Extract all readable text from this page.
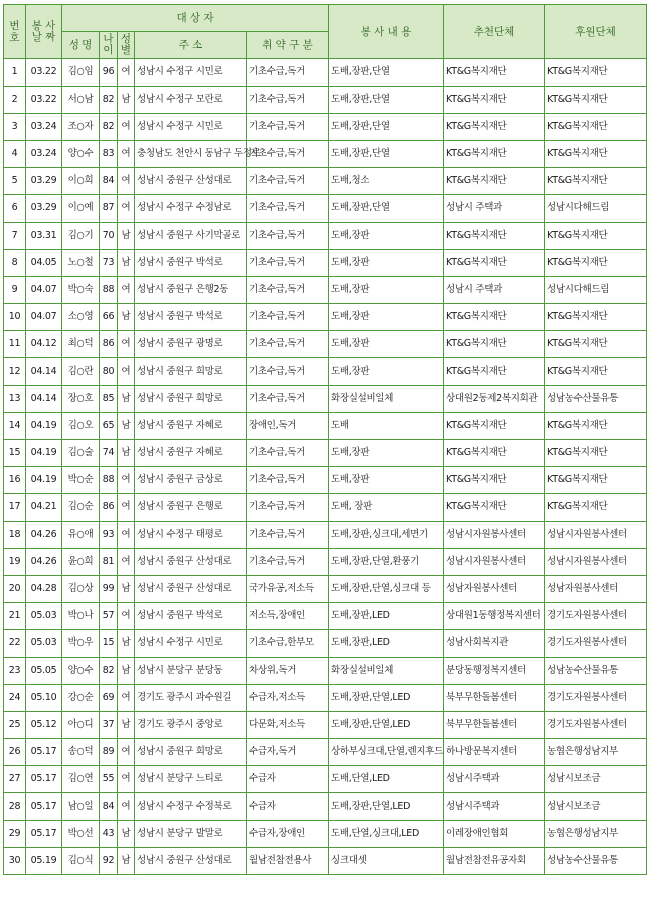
번호	봉 사 날 짜	대 상 자					봉 사 내 용	추천단체	후원단체
		성 명	나 이	성 별	주 소	취 약 구 분			
1	03.22	김○임	96	여	성남시 수정구 시민로	기초수급,독거	도배,장판,단열	KT&G복지재단	KT&G복지재단
2	03.22	서○남	82	남	성남시 수정구 모란로	기초수급,독거	도배,장판,단열	KT&G복지재단	KT&G복지재단
3	03.24	조○자	82	여	성남시 수정구 시민로	기초수급,독거	도배,장판,단열	KT&G복지재단	KT&G복지재단
4	03.24	양○수	83	여	충청남도 천안시 동남구 두정로	기초수급,독거	도배,장판,단열	KT&G복지재단	KT&G복지재단
5	03.29	이○희	84	여	성남시 중원구 산성대로	기초수급,독거	도배,청소	KT&G복지재단	KT&G복지재단
6	03.29	이○예	87	여	성남시 수정구 수정남로	기초수급,독거	도배,장판,단열	성남시 주택과	성남시다해드림
7	03.31	김○기	70	남	성남시 중원구 사기막골로	기초수급,독거	도배,장판	KT&G복지재단	KT&G복지재단
8	04.05	노○철	73	남	성남시 중원구 박석로	기초수급,독거	도배,장판	KT&G복지재단	KT&G복지재단
9	04.07	박○숙	88	여	성남시 중원구 은행2동	기초수급,독거	도배,장판	성남시 주택과	성남시다해드림
10	04.07	소○영	66	남	성남시 중원구 박석로	기초수급,독거	도배,장판	KT&G복지재단	KT&G복지재단
11	04.12	최○덕	86	여	성남시 중원구 광명로	기초수급,독거	도배,장판	KT&G복지재단	KT&G복지재단
12	04.14	김○란	80	여	성남시 중원구 희망로	기초수급,독거	도배,장판	KT&G복지재단	KT&G복지재단
13	04.14	장○호	85	남	성남시 중원구 희망로	기초수급,독거	화장실설비일체	상대원2동제2복지회관	성남농수산물유통
14	04.19	김○오	65	남	성남시 중원구 자혜로	장애인,독거	도배	KT&G복지재단	KT&G복지재단
15	04.19	김○술	74	남	성남시 중원구 자혜로	기초수급,독거	도배,장판	KT&G복지재단	KT&G복지재단
16	04.19	박○순	88	여	성남시 중원구 금상로	기초수급,독거	도배,장판	KT&G복지재단	KT&G복지재단
17	04.21	김○순	86	여	성남시 중원구 은행로	기초수급,독거	도배, 장판	KT&G복지재단	KT&G복지재단
18	04.26	유○애	93	여	성남시 수정구 태평로	기초수급,독거	도배,장판,싱크대,세면기	성남시자원봉사센터	성남시자원봉사센터
19	04.26	윤○희	81	여	성남시 중원구 산성대로	기초수급,독거	도배,장판,단열,환풍기	성남시자원봉사센터	성남시자원봉사센터
20	04.28	김○상	99	남	성남시 중원구 산성대로	국가유공,저소득	도배,장판,단열,싱크대 등	성남자원봉사센터	성남자원봉사센터
21	05.03	박○나	57	여	성남시 중원구 박석로	저소득,장애인	도배,장판,LED	상대원1동행정복지센터	경기도자원봉사센터
22	05.03	박○우	15	남	성남시 수정구 시민로	기초수급,한부모	도배,장판,LED	성남사회복지관	경기도자원봉사센터
23	05.05	양○수	82	남	성남시 분당구 분당동	차상위,독거	화장실설비일체	분당동행정복지센터	성남농수산물유통
24	05.10	강○순	69	여	경기도 광주시 과수원길	수급자,저소득	도배,장판,단열,LED	북부무한돌봄센터	경기도자원봉사센터
25	05.12	아○디	37	남	경기도 광주시 중앙로	다문화,저소득	도배,장판,단열,LED	북부무한돌봄센터	경기도자원봉사센터
26	05.17	송○덕	89	여	성남시 중원구 희망로	수급자,독거	상하부싱크대,단열,렌지후드	하나방문복지센터	농협은행성남지부
27	05.17	김○연	55	여	성남시 분당구 느티로	수급자	도배,단열,LED	성남시주택과	성남시보조금
28	05.17	남○일	84	여	성남시 수정구 수정북로	수급자	도배,장판,단열,LED	성남시주택과	성남시보조금
29	05.17	박○선	43	남	성남시 분당구 발말로	수급자,장애인	도배,단열,싱크대,LED	이레장애인협회	농협은행성남지부
30	05.19	김○식	92	남	성남시 중원구 산성대로	월남전참전용사	싱크대셋	월남전참전유공자회	성남농수산물유통
